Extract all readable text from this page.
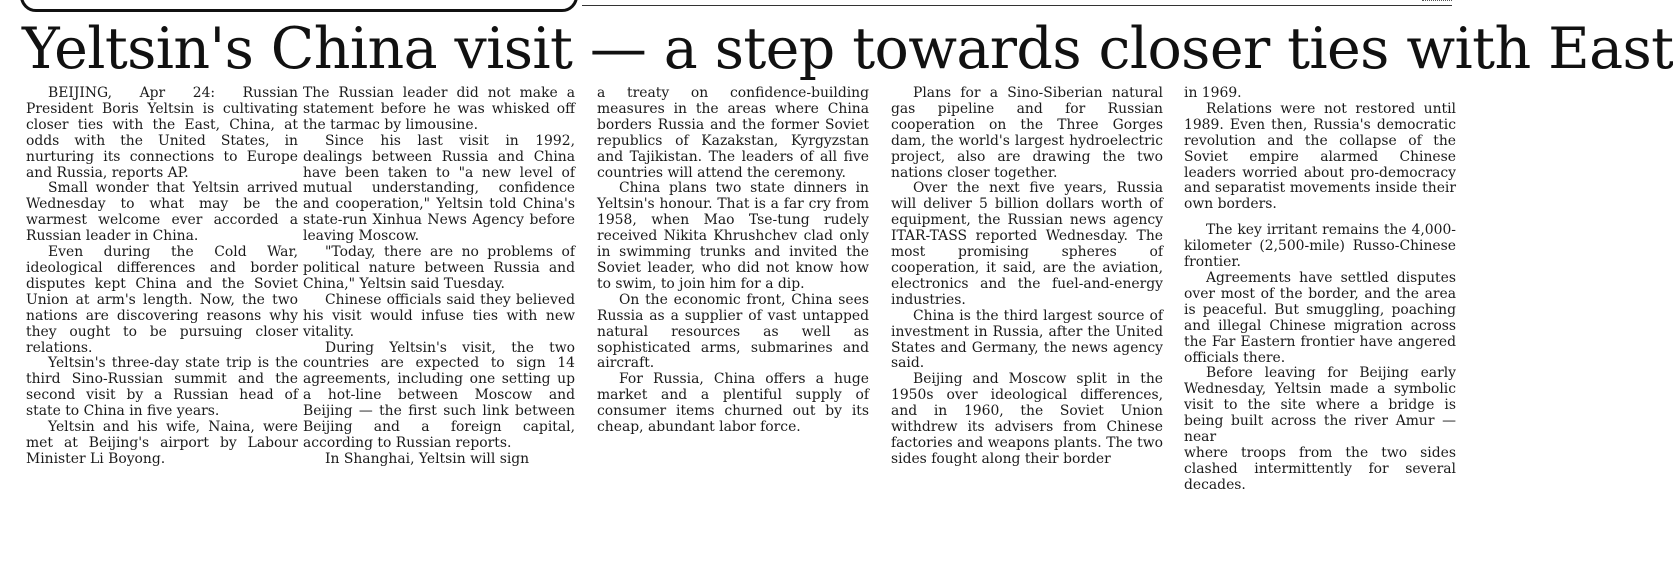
Yeltsin's China visit — a step towards closer ties with East

BEIJING, Apr 24: Russian President Boris Yeltsin is cultivating closer ties with the East, China, at odds with the United States, in nurturing its connections to Europe and Russia, reports AP.

Small wonder that Yeltsin arrived Wednesday to what may be the warmest welcome ever accorded a Russian leader in China.

Even during the Cold War, ideological differences and border disputes kept China and the Soviet Union at arm's length. Now, the two nations are discovering reasons why they ought to be pursuing closer relations.

Yeltsin's three-day state trip is the third Sino-Russian summit and the second visit by a Russian head of state to China in five years.

Yeltsin and his wife, Naina, were met at Beijing's airport by Labour Minister Li Boyong.

The Russian leader did not make a statement before he was whisked off the tarmac by limousine.

Since his last visit in 1992, dealings between Russia and China have been taken to "a new level of mutual understanding, confidence and cooperation," Yeltsin told China's state-run Xinhua News Agency before leaving Moscow.

"Today, there are no problems of political nature between Russia and China," Yeltsin said Tuesday.

Chinese officials said they believed his visit would infuse ties with new vitality.

During Yeltsin's visit, the two countries are expected to sign 14 agreements, including one setting up a hot-line between Moscow and Beijing — the first such link between Beijing and a foreign capital, according to Russian reports.

In Shanghai, Yeltsin will sign

a treaty on confidence-building measures in the areas where China borders Russia and the former Soviet republics of Kazakstan, Kyrgyzstan and Tajikistan. The leaders of all five countries will attend the ceremony.

China plans two state dinners in Yeltsin's honour. That is a far cry from 1958, when Mao Tse-tung rudely received Nikita Khrushchev clad only in swimming trunks and invited the Soviet leader, who did not know how to swim, to join him for a dip.

On the economic front, China sees Russia as a supplier of vast untapped natural resources as well as sophisticated arms, submarines and aircraft.

For Russia, China offers a huge market and a plentiful supply of consumer items churned out by its cheap, abundant labor force.

Plans for a Sino-Siberian natural gas pipeline and for Russian cooperation on the Three Gorges dam, the world's largest hydroelectric project, also are drawing the two nations closer together.

Over the next five years, Russia will deliver 5 billion dollars worth of equipment, the Russian news agency ITAR-TASS reported Wednesday. The most promising spheres of cooperation, it said, are the aviation, electronics and the fuel-and-energy industries.

China is the third largest source of investment in Russia, after the United States and Germany, the news agency said.

Beijing and Moscow split in the 1950s over ideological differences, and in 1960, the Soviet Union withdrew its advisers from Chinese factories and weapons plants. The two sides fought along their border

in 1969.

Relations were not restored until 1989. Even then, Russia's democratic revolution and the collapse of the Soviet empire alarmed Chinese leaders worried about pro-democracy and separatist movements inside their own borders.

The key irritant remains the 4,000-kilometer (2,500-mile) Russo-Chinese frontier.

Agreements have settled disputes over most of the border, and the area is peaceful. But smuggling, poaching and illegal Chinese migration across the Far Eastern frontier have angered officials there.

Before leaving for Beijing early Wednesday, Yeltsin made a symbolic visit to the site where a bridge is being built across the river Amur — near

where troops from the two sides clashed intermittently for several decades.
